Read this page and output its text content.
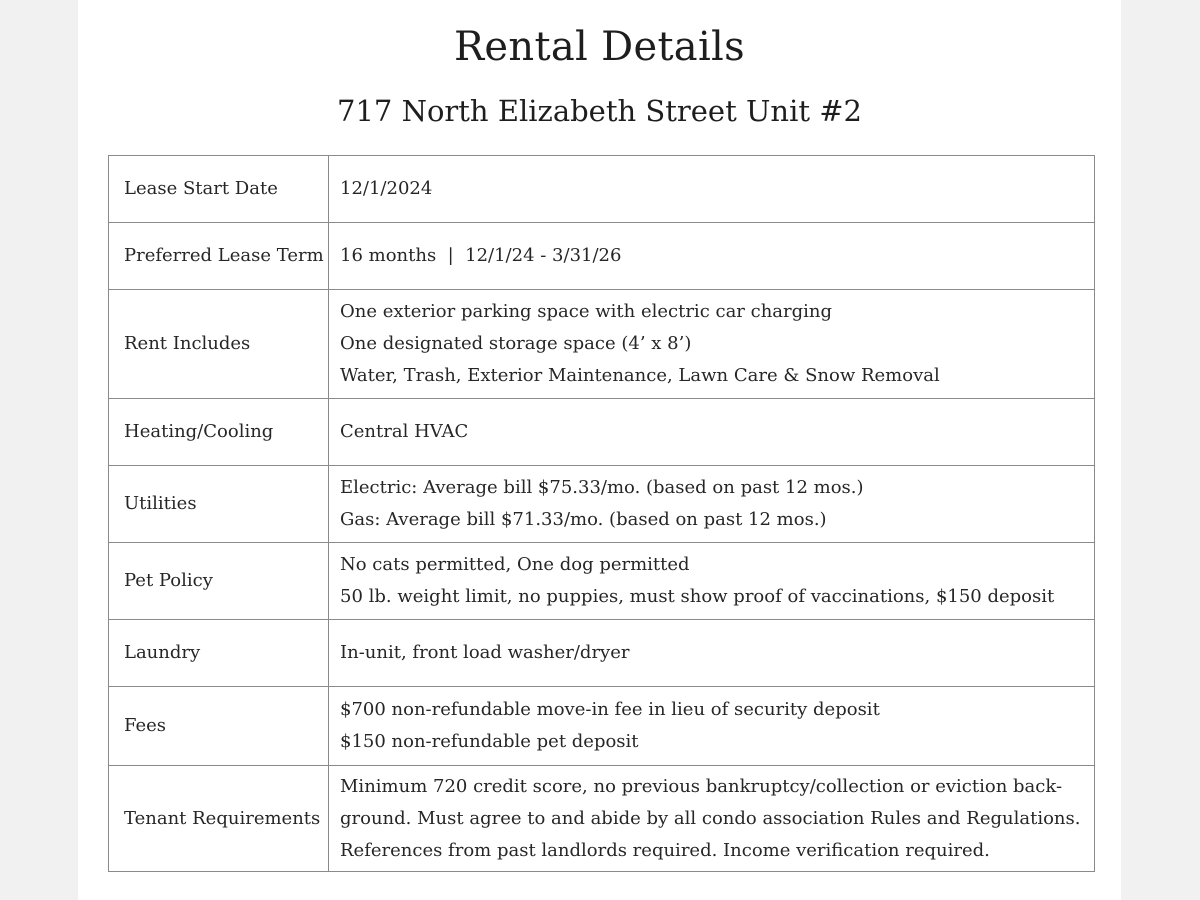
Rental Details
717 North Elizabeth Street Unit #2
Lease Start Date	12/1/2024

Preferred Lease Term	16 months  |  12/1/24 - 3/31/26

Rent Includes	One exterior parking space with electric car charging
One designated storage space (4’ x 8’)
Water, Trash, Exterior Maintenance, Lawn Care & Snow Removal

Heating/Cooling	Central HVAC

Utilities	Electric: Average bill $75.33/mo. (based on past 12 mos.)
Gas: Average bill $71.33/mo. (based on past 12 mos.)

Pet Policy	No cats permitted, One dog permitted
50 lb. weight limit, no puppies, must show proof of vaccinations, $150 deposit

Laundry	In-unit, front load washer/dryer

Fees	$700 non-refundable move-in fee in lieu of security deposit
$150 non-refundable pet deposit

Tenant Requirements	Minimum 720 credit score, no previous bankruptcy/collection or eviction back-
ground. Must agree to and abide by all condo association Rules and Regulations.
References from past landlords required. Income verification required.
